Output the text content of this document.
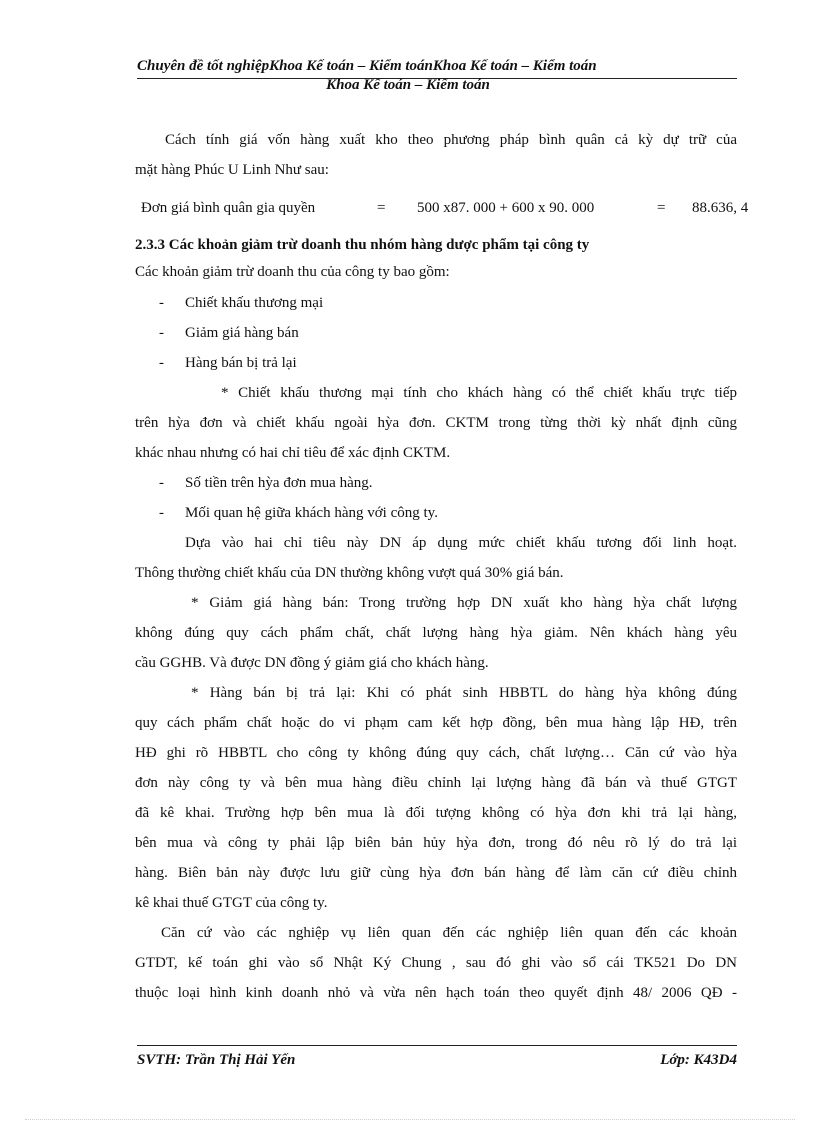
Chuyên đề tốt nghiệpKhoa Kế toán – Kiểm toánKhoa Kế toán – Kiểm toán
Khoa Kế toán – Kiểm toán
Cách tính giá vốn hàng xuất kho theo phương pháp bình quân cả kỳ dự trữ của
mặt hàng Phúc U Linh Như sau:
Đơn giá bình quân gia quyền	= 500 x87. 000 + 600 x 90. 000	= 88.636, 4
2.3.3 Các khoản giảm trừ doanh thu nhóm hàng dược phẩm tại công ty
Các khoản giảm trừ doanh thu của công ty bao gồm:
- Chiết khấu thương mại
- Giảm giá hàng bán
- Hàng bán bị trả lại
* Chiết khấu thương mại tính cho khách hàng có thể chiết khấu trực tiếp
trên hỳa đơn và chiết khấu ngoài hỳa đơn. CKTM trong từng thời kỳ nhất định cũng
khác nhau nhưng có hai chỉ tiêu để xác định CKTM.
- Số tiền trên hỳa đơn mua hàng.
- Mối quan hệ giữa khách hàng với công ty.
Dựa vào hai chỉ tiêu này DN áp dụng mức chiết khấu tương đối linh hoạt.
Thông thường chiết khấu của DN thường không vượt quá 30% giá bán.
* Giảm giá hàng bán: Trong trường hợp DN xuất kho hàng hỳa chất lượng
không đúng quy cách phẩm chất, chất lượng hàng hỳa giảm. Nên khách hàng yêu
cầu GGHB. Và được DN đồng ý giảm giá cho khách hàng.
* Hàng bán bị trả lại: Khi có phát sinh HBBTL do hàng hỳa không đúng
quy cách phẩm chất hoặc do vi phạm cam kết hợp đồng, bên mua hàng lập HĐ, trên
HĐ ghi rõ HBBTL cho công ty không đúng quy cách, chất lượng… Căn cứ vào hỳa
đơn này công ty và bên mua hàng điều chỉnh lại lượng hàng đã bán và thuế GTGT
đã kê khai. Trường hợp bên mua là đối tượng không có hỳa đơn khi trả lại hàng,
bên mua và công ty phải lập biên bản hủy hỳa đơn, trong đó nêu rõ lý do trả lại
hàng. Biên bản này được lưu giữ cùng hỳa đơn bán hàng để làm căn cứ điều chỉnh
kê khai thuế GTGT của công ty.
Căn cứ vào các nghiệp vụ liên quan đến các nghiệp liên quan đến các khoản
GTDT, kế toán ghi vào sổ Nhật Ký Chung , sau đó ghi vào sổ cái TK521 Do DN
thuộc loại hình kinh doanh nhỏ và vừa nên hạch toán theo quyết định 48/ 2006 QĐ -
SVTH: Trần Thị Hải Yến	Lớp: K43D4
